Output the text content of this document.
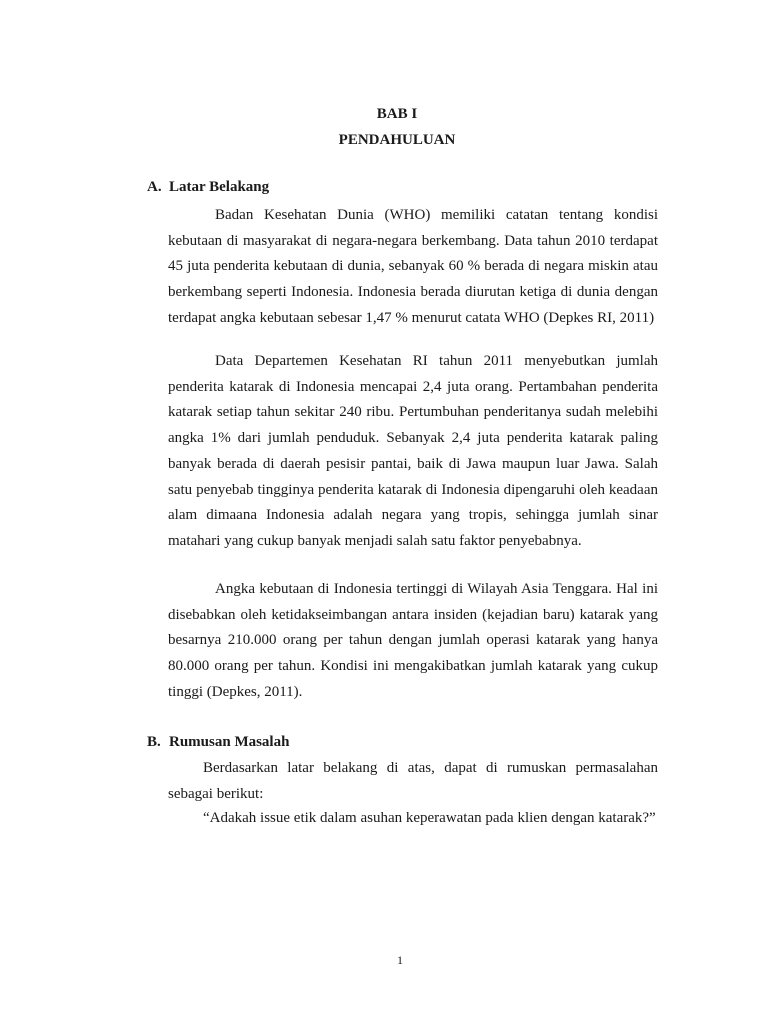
BAB I
PENDAHULUAN
A. Latar Belakang

Badan Kesehatan Dunia (WHO) memiliki catatan tentang kondisi kebutaan di masyarakat di negara-negara berkembang. Data tahun 2010 terdapat 45 juta penderita kebutaan di dunia, sebanyak 60 % berada di negara miskin atau berkembang seperti Indonesia. Indonesia berada diurutan ketiga di dunia dengan terdapat angka kebutaan sebesar 1,47 % menurut catata WHO (Depkes RI, 2011)

Data Departemen Kesehatan RI tahun 2011 menyebutkan jumlah penderita katarak di Indonesia mencapai 2,4 juta orang. Pertambahan penderita katarak setiap tahun sekitar 240 ribu. Pertumbuhan penderitanya sudah melebihi angka 1% dari jumlah penduduk. Sebanyak 2,4 juta penderita katarak paling banyak berada di daerah pesisir pantai, baik di Jawa maupun luar Jawa. Salah satu penyebab tingginya penderita katarak di Indonesia dipengaruhi oleh keadaan alam dimaana Indonesia adalah negara yang tropis, sehingga jumlah sinar matahari yang cukup banyak menjadi salah satu faktor penyebabnya.

Angka kebutaan di Indonesia tertinggi di Wilayah Asia Tenggara. Hal ini disebabkan oleh ketidakseimbangan antara insiden (kejadian baru) katarak yang besarnya 210.000 orang per tahun dengan jumlah operasi katarak yang hanya 80.000 orang per tahun. Kondisi ini mengakibatkan jumlah katarak yang cukup tinggi (Depkes, 2011).

B. Rumusan Masalah

Berdasarkan latar belakang di atas, dapat di rumuskan permasalahan sebagai berikut:

“Adakah issue etik dalam asuhan keperawatan pada klien dengan katarak?”

1
